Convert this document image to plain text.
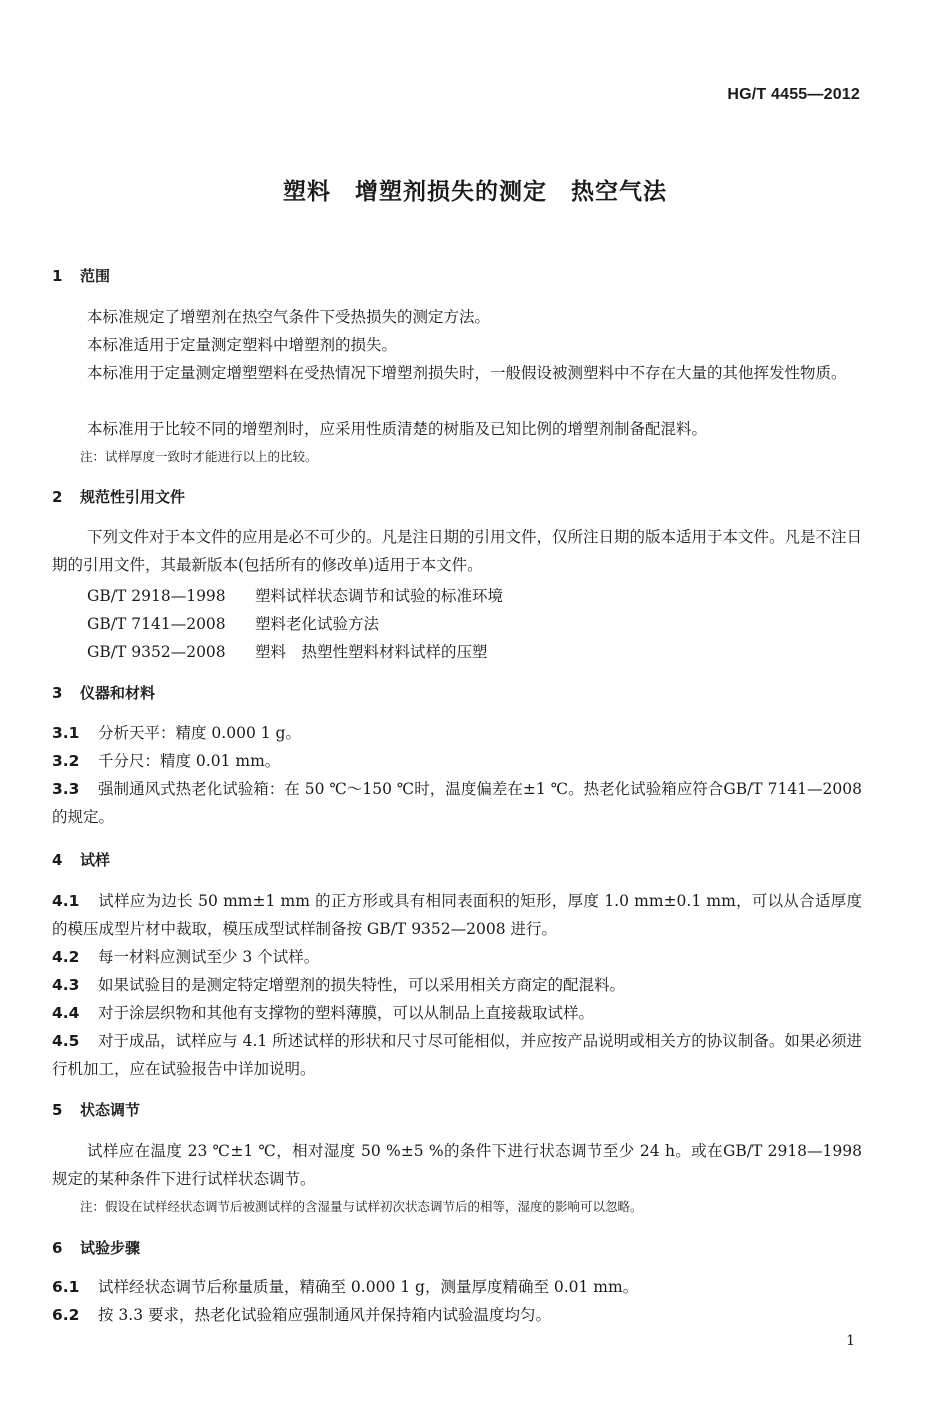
HG/T 4455—2012
塑料　增塑剂损失的测定　热空气法
1 范围
本标准规定了增塑剂在热空气条件下受热损失的测定方法。
本标准适用于定量测定塑料中增塑剂的损失。
本标准用于定量测定增塑塑料在受热情况下增塑剂损失时，一般假设被测塑料中不存在大量的其他挥发性物质。
本标准用于比较不同的增塑剂时，应采用性质清楚的树脂及已知比例的增塑剂制备配混料。
注：试样厚度一致时才能进行以上的比较。
2 规范性引用文件
下列文件对于本文件的应用是必不可少的。凡是注日期的引用文件，仅所注日期的版本适用于本文件。凡是不注日期的引用文件，其最新版本(包括所有的修改单)适用于本文件。
GB/T 2918—1998 塑料试样状态调节和试验的标准环境
GB/T 7141—2008 塑料老化试验方法
GB/T 9352—2008 塑料　热塑性塑料材料试样的压塑
3 仪器和材料
3.1 分析天平：精度 0.000 1 g。
3.2 千分尺：精度 0.01 mm。
3.3 强制通风式热老化试验箱：在 50 ℃～150 ℃时，温度偏差在±1 ℃。热老化试验箱应符合GB/T 7141—2008 的规定。
4 试样
4.1 试样应为边长 50 mm±1 mm 的正方形或具有相同表面积的矩形，厚度 1.0 mm±0.1 mm，可以从合适厚度的模压成型片材中裁取，模压成型试样制备按 GB/T 9352—2008 进行。
4.2 每一材料应测试至少 3 个试样。
4.3 如果试验目的是测定特定增塑剂的损失特性，可以采用相关方商定的配混料。
4.4 对于涂层织物和其他有支撑物的塑料薄膜，可以从制品上直接裁取试样。
4.5 对于成品，试样应与 4.1 所述试样的形状和尺寸尽可能相似，并应按产品说明或相关方的协议制备。如果必须进行机加工，应在试验报告中详加说明。
5 状态调节
试样应在温度 23 ℃±1 ℃，相对湿度 50 %±5 %的条件下进行状态调节至少 24 h。或在GB/T 2918—1998 规定的某种条件下进行试样状态调节。
注：假设在试样经状态调节后被测试样的含湿量与试样初次状态调节后的相等，湿度的影响可以忽略。
6 试验步骤
6.1 试样经状态调节后称量质量，精确至 0.000 1 g，测量厚度精确至 0.01 mm。
6.2 按 3.3 要求，热老化试验箱应强制通风并保持箱内试验温度均匀。
1
